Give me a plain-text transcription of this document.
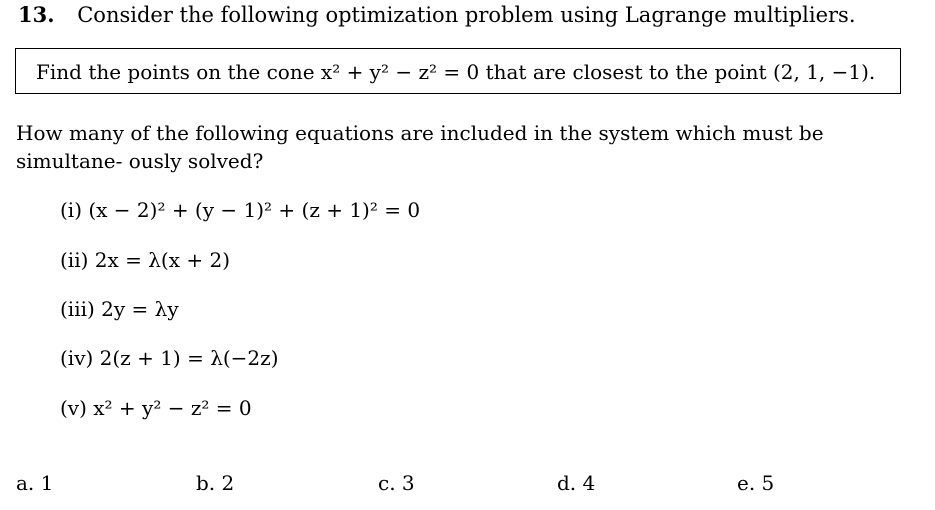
13. Consider the following optimization problem using Lagrange multipliers.
Find the points on the cone x² + y² − z² = 0 that are closest to the point (2, 1, −1).
How many of the following equations are included in the system which must be simultane- ously solved?
(i) (x − 2)² + (y − 1)² + (z + 1)² = 0
(ii) 2x = λ(x + 2)
(iii) 2y = λy
(iv) 2(z + 1) = λ(−2z)
(v) x² + y² − z² = 0
a. 1	b. 2	c. 3	d. 4	e. 5
